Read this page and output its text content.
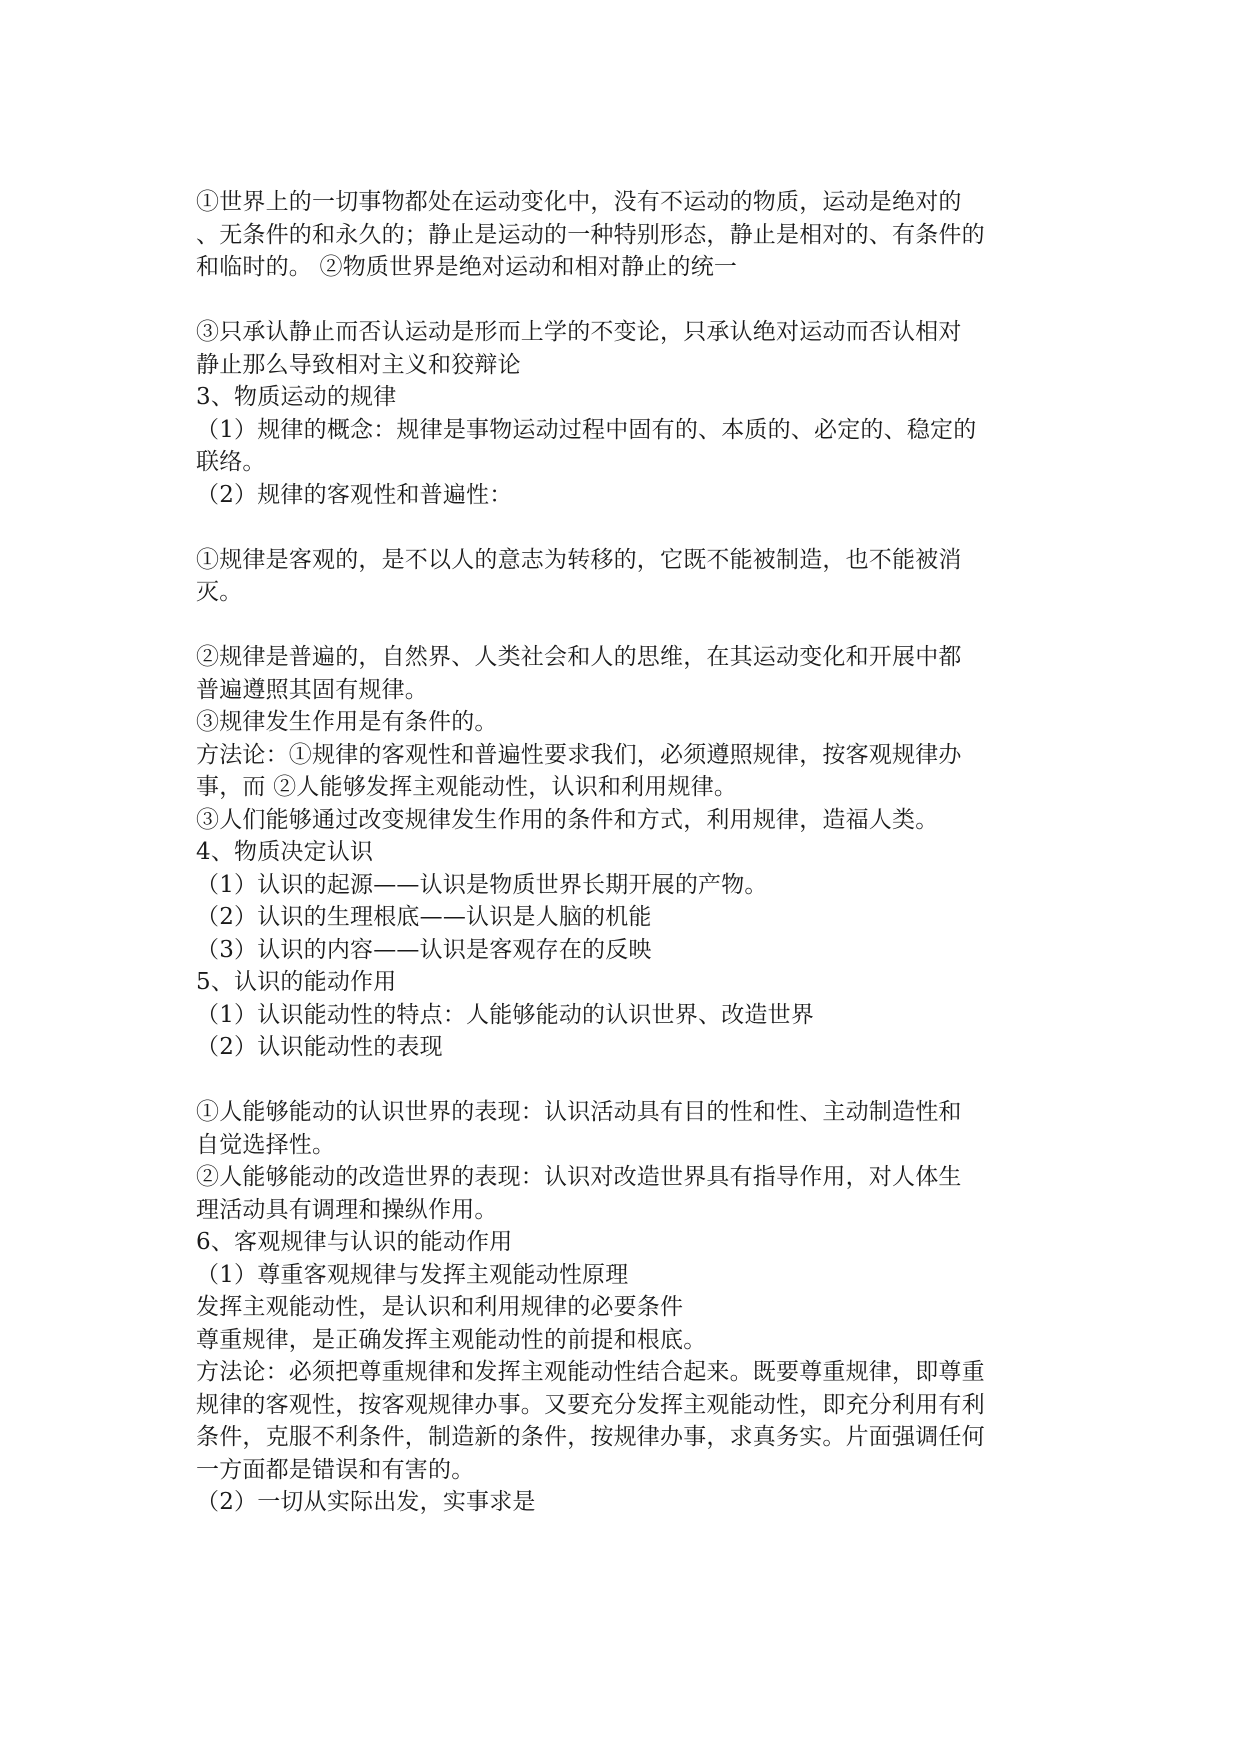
①世界上的一切事物都处在运动变化中，没有不运动的物质，运动是绝对的
、无条件的和永久的；静止是运动的一种特别形态，静止是相对的、有条件的
和临时的。 ②物质世界是绝对运动和相对静止的统一
③只承认静止而否认运动是形而上学的不变论，只承认绝对运动而否认相对
静止那么导致相对主义和狡辩论
3、物质运动的规律
（1）规律的概念：规律是事物运动过程中固有的、本质的、必定的、稳定的
联络。
（2）规律的客观性和普遍性：
①规律是客观的，是不以人的意志为转移的，它既不能被制造，也不能被消
灭。
②规律是普遍的，自然界、人类社会和人的思维，在其运动变化和开展中都
普遍遵照其固有规律。
③规律发生作用是有条件的。
方法论：①规律的客观性和普遍性要求我们，必须遵照规律，按客观规律办
事，而 ②人能够发挥主观能动性，认识和利用规律。
③人们能够通过改变规律发生作用的条件和方式，利用规律，造福人类。
4、物质决定认识
（1）认识的起源——认识是物质世界长期开展的产物。
（2）认识的生理根底——认识是人脑的机能
（3）认识的内容——认识是客观存在的反映
5、认识的能动作用
（1）认识能动性的特点：人能够能动的认识世界、改造世界
（2）认识能动性的表现
①人能够能动的认识世界的表现：认识活动具有目的性和性、主动制造性和
自觉选择性。
②人能够能动的改造世界的表现：认识对改造世界具有指导作用，对人体生
理活动具有调理和操纵作用。
6、客观规律与认识的能动作用
（1）尊重客观规律与发挥主观能动性原理
发挥主观能动性，是认识和利用规律的必要条件
尊重规律，是正确发挥主观能动性的前提和根底。
方法论：必须把尊重规律和发挥主观能动性结合起来。既要尊重规律，即尊重
规律的客观性，按客观规律办事。又要充分发挥主观能动性，即充分利用有利
条件，克服不利条件，制造新的条件，按规律办事，求真务实。片面强调任何
一方面都是错误和有害的。
（2）一切从实际出发，实事求是
